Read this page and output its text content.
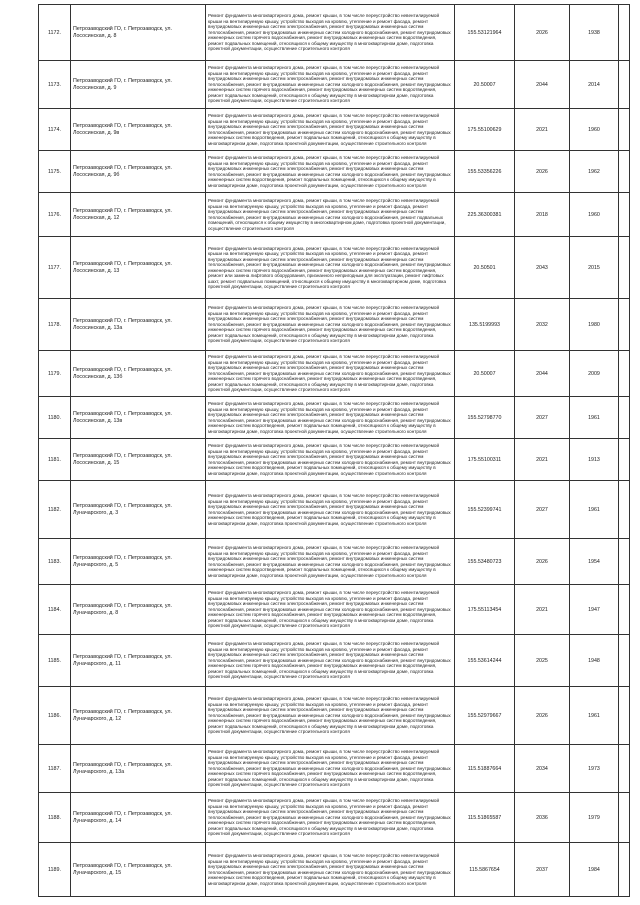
1172.	Петрозаводский ГО, г. Петрозаводск, ул. Лососинская, д. 8	Ремонт фундамента многоквартирного дома, ремонт крыши, в том числе переустройство невентилируемой крыши на вентилируемую крышу, устройство выходов на кровлю, утепление и ремонт фасада, ремонт внутридомовых инженерных систем электроснабжения, ремонт внутридомовых инженерных систем теплоснабжения, ремонт внутридомовых инженерных систем холодного водоснабжения, ремонт внутридомовых инженерных систем горячего водоснабжения, ремонт внутридомовых инженерных систем водоотведения, ремонт подвальных помещений, относящихся к общему имуществу в многоквартирном доме, подготовка проектной документации, осуществление строительного контроля	155.53121964	2026	1938	
1173.	Петрозаводский ГО, г. Петрозаводск, ул. Лососинская, д. 9	Ремонт фундамента многоквартирного дома, ремонт крыши, в том числе переустройство невентилируемой крыши на вентилируемую крышу, устройство выходов на кровлю, утепление и ремонт фасада, ремонт внутридомовых инженерных систем электроснабжения, ремонт внутридомовых инженерных систем теплоснабжения, ремонт внутридомовых инженерных систем холодного водоснабжения, ремонт внутридомовых инженерных систем горячего водоснабжения, ремонт внутридомовых инженерных систем водоотведения, ремонт подвальных помещений, относящихся к общему имуществу в многоквартирном доме, подготовка проектной документации, осуществление строительного контроля	20.50007	2044	2014	
1174.	Петрозаводский ГО, г. Петрозаводск, ул. Лососинская, д. 9в	Ремонт фундамента многоквартирного дома, ремонт крыши, в том числе переустройство невентилируемой крыши на вентилируемую крышу, устройство выходов на кровлю, утепление и ремонт фасада, ремонт внутридомовых инженерных систем электроснабжения, ремонт внутридомовых инженерных систем теплоснабжения, ремонт внутридомовых инженерных систем холодного водоснабжения, ремонт внутридомовых инженерных систем водоотведения, ремонт подвальных помещений, относящихся к общему имуществу в многоквартирном доме, подготовка проектной документации, осуществление строительного контроля	175.55100629	2021	1960	
1175.	Петрозаводский ГО, г. Петрозаводск, ул. Лососинская, д. 9б	Ремонт фундамента многоквартирного дома, ремонт крыши, в том числе переустройство невентилируемой крыши на вентилируемую крышу, устройство выходов на кровлю, утепление и ремонт фасада, ремонт внутридомовых инженерных систем электроснабжения, ремонт внутридомовых инженерных систем теплоснабжения, ремонт внутридомовых инженерных систем холодного водоснабжения, ремонт внутридомовых инженерных систем водоотведения, ремонт подвальных помещений, относящихся к общему имуществу в многоквартирном доме, подготовка проектной документации, осуществление строительного контроля	155.53356226	2026	1962	
1176.	Петрозаводский ГО, г. Петрозаводск, ул. Лососинская, д. 12	Ремонт фундамента многоквартирного дома, ремонт крыши, в том числе переустройство невентилируемой крыши на вентилируемую крышу, устройство выходов на кровлю, утепление и ремонт фасада, ремонт внутридомовых инженерных систем электроснабжения, ремонт внутридомовых инженерных систем теплоснабжения, ремонт внутридомовых инженерных систем холодного водоснабжения, ремонт подвальных помещений, относящихся к общему имуществу в многоквартирном доме, подготовка проектной документации, осуществление строительного контроля	225.36300381	2018	1960	
1177.	Петрозаводский ГО, г. Петрозаводск, ул. Лососинская, д. 13	Ремонт фундамента многоквартирного дома, ремонт крыши, в том числе переустройство невентилируемой крыши на вентилируемую крышу, устройство выходов на кровлю, утепление и ремонт фасада, ремонт внутридомовых инженерных систем электроснабжения, ремонт внутридомовых инженерных систем теплоснабжения, ремонт внутридомовых инженерных систем холодного водоснабжения, ремонт внутридомовых инженерных систем горячего водоснабжения, ремонт внутридомовых инженерных систем водоотведения, ремонт или замена лифтового оборудования, признанного непригодным для эксплуатации, ремонт лифтовых шахт, ремонт подвальных помещений, относящихся к общему имуществу в многоквартирном доме, подготовка проектной документации, осуществление строительного контроля	20.50501	2043	2015	
1178.	Петрозаводский ГО, г. Петрозаводск, ул. Лососинская, д. 13а	Ремонт фундамента многоквартирного дома, ремонт крыши, в том числе переустройство невентилируемой крыши на вентилируемую крышу, устройство выходов на кровлю, утепление и ремонт фасада, ремонт внутридомовых инженерных систем электроснабжения, ремонт внутридомовых инженерных систем теплоснабжения, ремонт внутридомовых инженерных систем холодного водоснабжения, ремонт внутридомовых инженерных систем горячего водоснабжения, ремонт внутридомовых инженерных систем водоотведения, ремонт подвальных помещений, относящихся к общему имуществу в многоквартирном доме, подготовка проектной документации, осуществление строительного контроля	135.5199993	2032	1980	
1179.	Петрозаводский ГО, г. Петрозаводск, ул. Лососинская, д. 13б	Ремонт фундамента многоквартирного дома, ремонт крыши, в том числе переустройство невентилируемой крыши на вентилируемую крышу, устройство выходов на кровлю, утепление и ремонт фасада, ремонт внутридомовых инженерных систем электроснабжения, ремонт внутридомовых инженерных систем теплоснабжения, ремонт внутридомовых инженерных систем холодного водоснабжения, ремонт внутридомовых инженерных систем горячего водоснабжения, ремонт внутридомовых инженерных систем водоотведения, ремонт подвальных помещений, относящихся к общему имуществу в многоквартирном доме, подготовка проектной документации, осуществление строительного контроля	20.50007	2044	2009	
1180.	Петрозаводский ГО, г. Петрозаводск, ул. Лососинская, д. 13в	Ремонт фундамента многоквартирного дома, ремонт крыши, в том числе переустройство невентилируемой крыши на вентилируемую крышу, устройство выходов на кровлю, утепление и ремонт фасада, ремонт внутридомовых инженерных систем электроснабжения, ремонт внутридомовых инженерных систем теплоснабжения, ремонт внутридомовых инженерных систем холодного водоснабжения, ремонт внутридомовых инженерных систем водоотведения, ремонт подвальных помещений, относящихся к общему имуществу в многоквартирном доме, подготовка проектной документации, осуществление строительного контроля	155.52798770	2027	1961	
1181.	Петрозаводский ГО, г. Петрозаводск, ул. Лососинская, д. 15	Ремонт фундамента многоквартирного дома, ремонт крыши, в том числе переустройство невентилируемой крыши на вентилируемую крышу, устройство выходов на кровлю, утепление и ремонт фасада, ремонт внутридомовых инженерных систем электроснабжения, ремонт внутридомовых инженерных систем теплоснабжения, ремонт внутридомовых инженерных систем холодного водоснабжения, ремонт внутридомовых инженерных систем водоотведения, ремонт подвальных помещений, относящихся к общему имуществу в многоквартирном доме, подготовка проектной документации, осуществление строительного контроля	175.55100311	2021	1913	
1182.	Петрозаводский ГО, г. Петрозаводск, ул. Луначарского, д. 3	Ремонт фундамента многоквартирного дома, ремонт крыши, в том числе переустройство невентилируемой крыши на вентилируемую крышу, устройство выходов на кровлю, утепление и ремонт фасада, ремонт внутридомовых инженерных систем электроснабжения, ремонт внутридомовых инженерных систем теплоснабжения, ремонт внутридомовых инженерных систем холодного водоснабжения, ремонт внутридомовых инженерных систем водоотведения, ремонт подвальных помещений, относящихся к общему имуществу в многоквартирном доме, подготовка проектной документации, осуществление строительного контроля	155.52399741	2027	1961	
1183.	Петрозаводский ГО, г. Петрозаводск, ул. Луначарского, д. 5	Ремонт фундамента многоквартирного дома, ремонт крыши, в том числе переустройство невентилируемой крыши на вентилируемую крышу, устройство выходов на кровлю, утепление и ремонт фасада, ремонт внутридомовых инженерных систем электроснабжения, ремонт внутридомовых инженерных систем теплоснабжения, ремонт внутридомовых инженерных систем холодного водоснабжения, ремонт внутридомовых инженерных систем водоотведения, ремонт подвальных помещений, относящихся к общему имуществу в многоквартирном доме, подготовка проектной документации, осуществление строительного контроля	155.53480723	2026	1954	
1184.	Петрозаводский ГО, г. Петрозаводск, ул. Луначарского, д. 8	Ремонт фундамента многоквартирного дома, ремонт крыши, в том числе переустройство невентилируемой крыши на вентилируемую крышу, устройство выходов на кровлю, утепление и ремонт фасада, ремонт внутридомовых инженерных систем электроснабжения, ремонт внутридомовых инженерных систем теплоснабжения, ремонт внутридомовых инженерных систем холодного водоснабжения, ремонт внутридомовых инженерных систем горячего водоснабжения, ремонт внутридомовых инженерных систем водоотведения, ремонт подвальных помещений, относящихся к общему имуществу в многоквартирном доме, подготовка проектной документации, осуществление строительного контроля	175.55113454	2021	1947	
1185.	Петрозаводский ГО, г. Петрозаводск, ул. Луначарского, д. 11	Ремонт фундамента многоквартирного дома, ремонт крыши, в том числе переустройство невентилируемой крыши на вентилируемую крышу, устройство выходов на кровлю, утепление и ремонт фасада, ремонт внутридомовых инженерных систем электроснабжения, ремонт внутридомовых инженерных систем теплоснабжения, ремонт внутридомовых инженерных систем холодного водоснабжения, ремонт внутридомовых инженерных систем горячего водоснабжения, ремонт внутридомовых инженерных систем водоотведения, ремонт подвальных помещений, относящихся к общему имуществу в многоквартирном доме, подготовка проектной документации, осуществление строительного контроля	155.53614244	2025	1948	
1186.	Петрозаводский ГО, г. Петрозаводск, ул. Луначарского, д. 12	Ремонт фундамента многоквартирного дома, ремонт крыши, в том числе переустройство невентилируемой крыши на вентилируемую крышу, устройство выходов на кровлю, утепление и ремонт фасада, ремонт внутридомовых инженерных систем электроснабжения, ремонт внутридомовых инженерных систем теплоснабжения, ремонт внутридомовых инженерных систем холодного водоснабжения, ремонт внутридомовых инженерных систем горячего водоснабжения, ремонт внутридомовых инженерных систем водоотведения, ремонт подвальных помещений, относящихся к общему имуществу в многоквартирном доме, подготовка проектной документации, осуществление строительного контроля	155.52979667	2026	1961	
1187.	Петрозаводский ГО, г. Петрозаводск, ул. Луначарского, д. 13а	Ремонт фундамента многоквартирного дома, ремонт крыши, в том числе переустройство невентилируемой крыши на вентилируемую крышу, устройство выходов на кровлю, утепление и ремонт фасада, ремонт внутридомовых инженерных систем электроснабжения, ремонт внутридомовых инженерных систем теплоснабжения, ремонт внутридомовых инженерных систем холодного водоснабжения, ремонт внутридомовых инженерных систем горячего водоснабжения, ремонт внутридомовых инженерных систем водоотведения, ремонт подвальных помещений, относящихся к общему имуществу в многоквартирном доме, подготовка проектной документации, осуществление строительного контроля	115.51887664	2034	1973	
1188.	Петрозаводский ГО, г. Петрозаводск, ул. Луначарского, д. 14	Ремонт фундамента многоквартирного дома, ремонт крыши, в том числе переустройство невентилируемой крыши на вентилируемую крышу, устройство выходов на кровлю, утепление и ремонт фасада, ремонт внутридомовых инженерных систем электроснабжения, ремонт внутридомовых инженерных систем теплоснабжения, ремонт внутридомовых инженерных систем холодного водоснабжения, ремонт внутридомовых инженерных систем горячего водоснабжения, ремонт внутридомовых инженерных систем водоотведения, ремонт подвальных помещений, относящихся к общему имуществу в многоквартирном доме, подготовка проектной документации, осуществление строительного контроля	115.51865587	2036	1979	
1189.	Петрозаводский ГО, г. Петрозаводск, ул. Луначарского, д. 15	Ремонт фундамента многоквартирного дома, ремонт крыши, в том числе переустройство невентилируемой крыши на вентилируемую крышу, устройство выходов на кровлю, утепление и ремонт фасада, ремонт внутридомовых инженерных систем электроснабжения, ремонт внутридомовых инженерных систем теплоснабжения, ремонт внутридомовых инженерных систем холодного водоснабжения, ремонт внутридомовых инженерных систем водоотведения, ремонт подвальных помещений, относящихся к общему имуществу в многоквартирном доме, подготовка проектной документации, осуществление строительного контроля	115.5867654	2037	1984	
